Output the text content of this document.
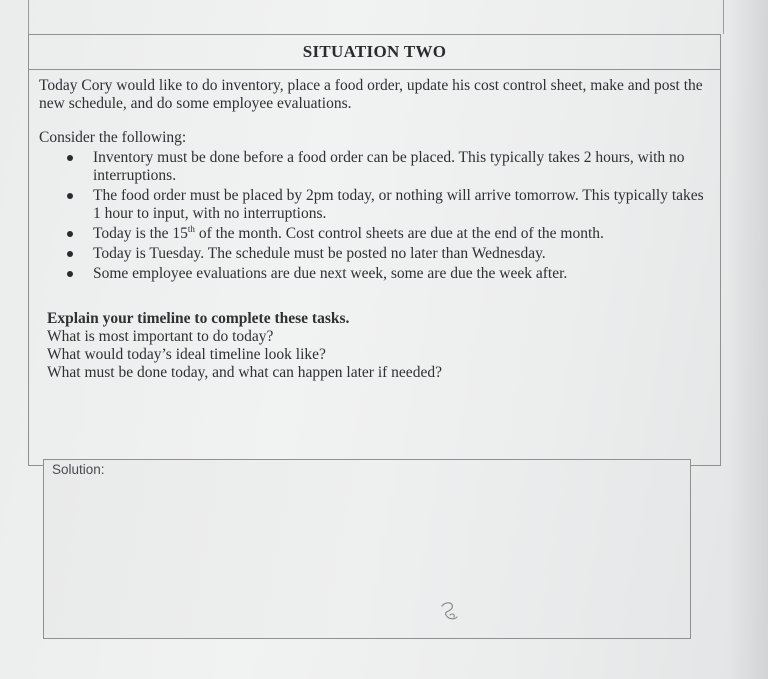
SITUATION TWO

Today Cory would like to do inventory, place a food order, update his cost control sheet, make and post the new schedule, and do some employee evaluations.

Consider the following:

Inventory must be done before a food order can be placed. This typically takes 2 hours, with no interruptions.
The food order must be placed by 2pm today, or nothing will arrive tomorrow. This typically takes 1 hour to input, with no interruptions.
Today is the 15th of the month. Cost control sheets are due at the end of the month.
Today is Tuesday. The schedule must be posted no later than Wednesday.
Some employee evaluations are due next week, some are due the week after.

Explain your timeline to complete these tasks.

What is most important to do today?

What would today’s ideal timeline look like?

What must be done today, and what can happen later if needed?

Solution:
